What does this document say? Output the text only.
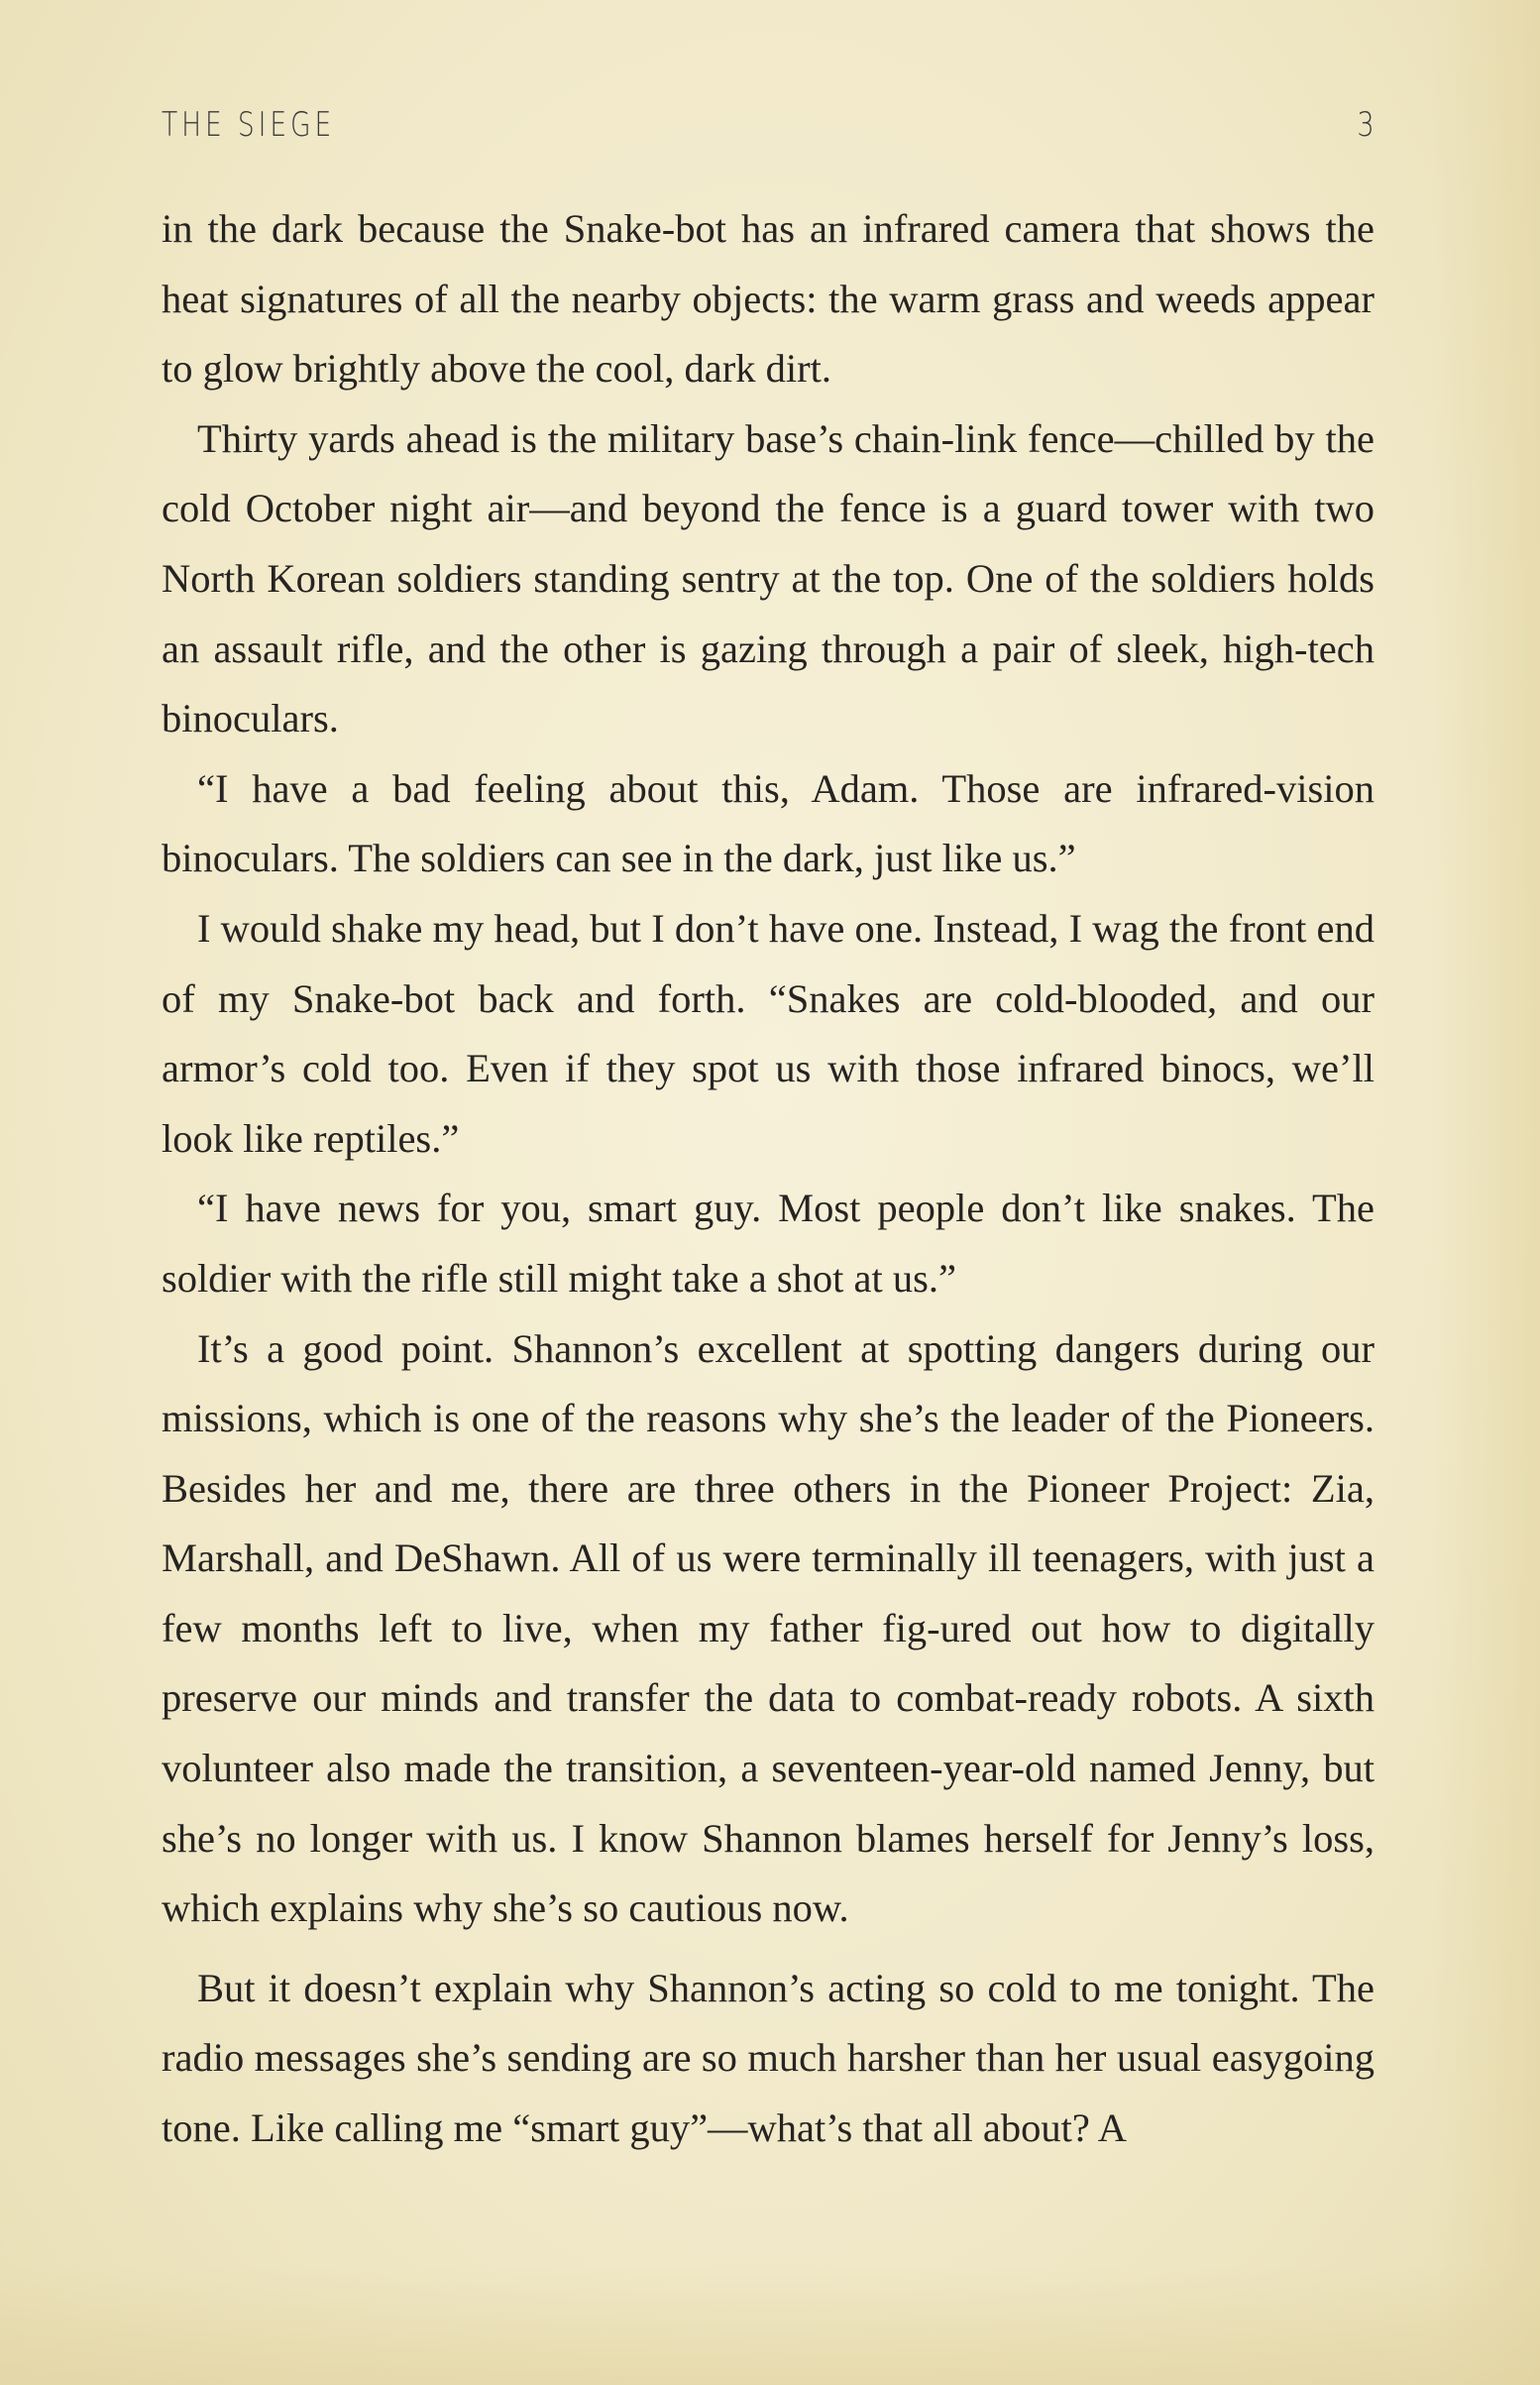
THE SIEGE	3

in the dark because the Snake-bot has an infrared camera that shows the heat signatures of all the nearby objects: the warm grass and weeds appear to glow brightly above the cool, dark dirt.

Thirty yards ahead is the military base’s chain-link fence—chilled by the cold October night air—and beyond the fence is a guard tower with two North Korean soldiers standing sentry at the top. One of the soldiers holds an assault rifle, and the other is gazing through a pair of sleek, high-tech binoculars.

“I have a bad feeling about this, Adam. Those are infrared-vision binoculars. The soldiers can see in the dark, just like us.”

I would shake my head, but I don’t have one. Instead, I wag the front end of my Snake-bot back and forth. “Snakes are cold-blooded, and our armor’s cold too. Even if they spot us with those infrared binocs, we’ll look like reptiles.”

“I have news for you, smart guy. Most people don’t like snakes. The soldier with the rifle still might take a shot at us.”

It’s a good point. Shannon’s excellent at spotting dangers during our missions, which is one of the reasons why she’s the leader of the Pioneers. Besides her and me, there are three others in the Pioneer Project: Zia, Marshall, and DeShawn. All of us were terminally ill teenagers, with just a few months left to live, when my father fig-ured out how to digitally preserve our minds and transfer the data to combat-ready robots. A sixth volunteer also made the transition, a seventeen-year-old named Jenny, but she’s no longer with us. I know Shannon blames herself for Jenny’s loss, which explains why she’s so cautious now.

But it doesn’t explain why Shannon’s acting so cold to me tonight. The radio messages she’s sending are so much harsher than her usual easygoing tone. Like calling me “smart guy”—what’s that all about? A
